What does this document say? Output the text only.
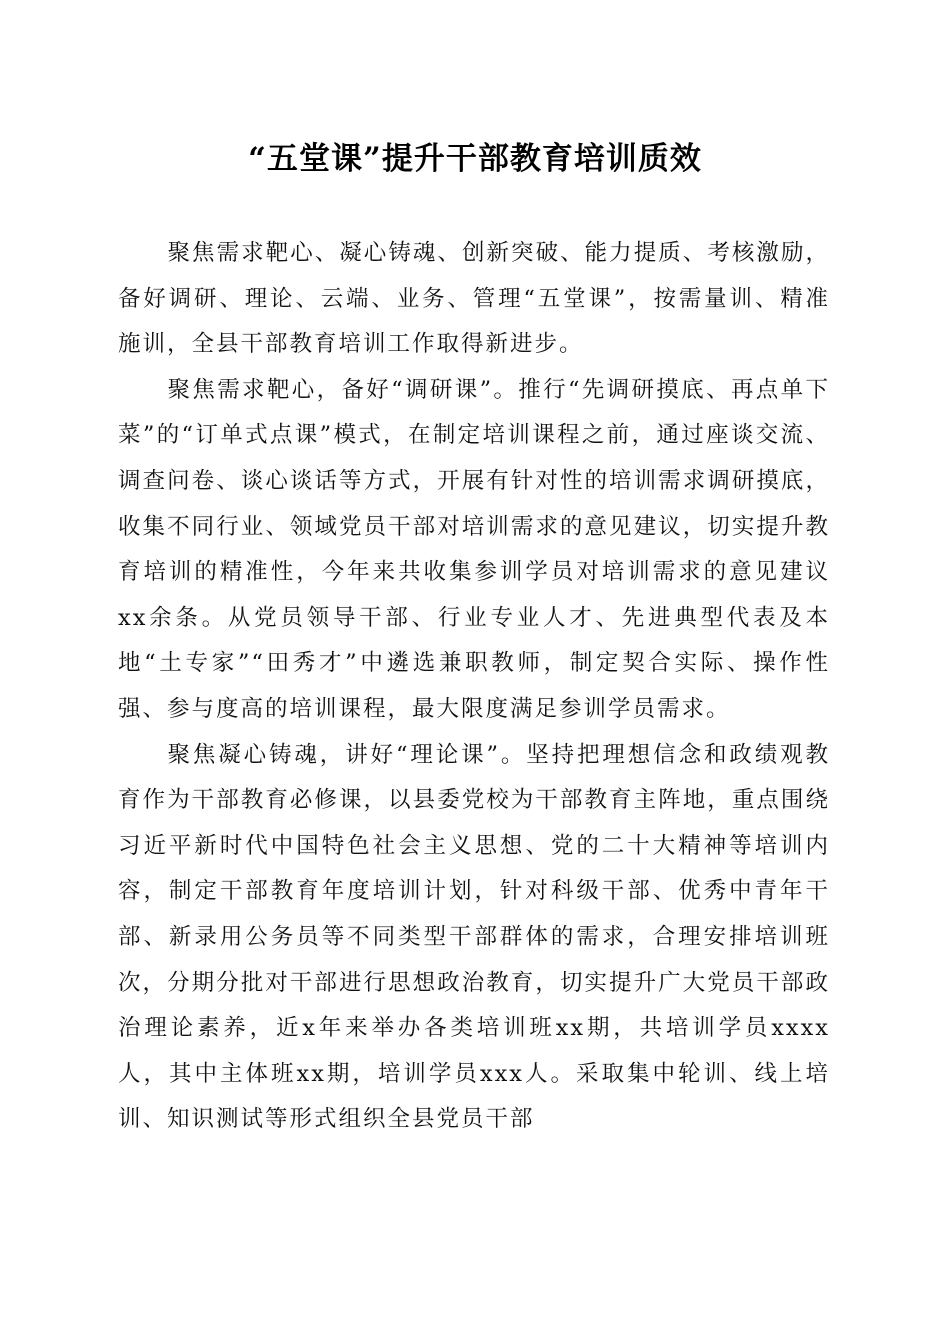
“五堂课”提升干部教育培训质效

聚焦需求靶心、凝心铸魂、创新突破、能力提质、考核激励，备好调研、理论、云端、业务、管理“五堂课”，按需量训、精准施训，全县干部教育培训工作取得新进步。

聚焦需求靶心，备好“调研课”。推行“先调研摸底、再点单下菜”的“订单式点课”模式，在制定培训课程之前，通过座谈交流、调查问卷、谈心谈话等方式，开展有针对性的培训需求调研摸底，收集不同行业、领域党员干部对培训需求的意见建议，切实提升教育培训的精准性，今年来共收集参训学员对培训需求的意见建议xx余条。从党员领导干部、行业专业人才、先进典型代表及本地“土专家”“田秀才”中遴选兼职教师，制定契合实际、操作性强、参与度高的培训课程，最大限度满足参训学员需求。

聚焦凝心铸魂，讲好“理论课”。坚持把理想信念和政绩观教育作为干部教育必修课，以县委党校为干部教育主阵地，重点围绕习近平新时代中国特色社会主义思想、党的二十大精神等培训内容，制定干部教育年度培训计划，针对科级干部、优秀中青年干部、新录用公务员等不同类型干部群体的需求，合理安排培训班次，分期分批对干部进行思想政治教育，切实提升广大党员干部政治理论素养，近x年来举办各类培训班xx期，共培训学员xxxx人，其中主体班xx期，培训学员xxx人。采取集中轮训、线上培训、知识测试等形式组织全县党员干部
